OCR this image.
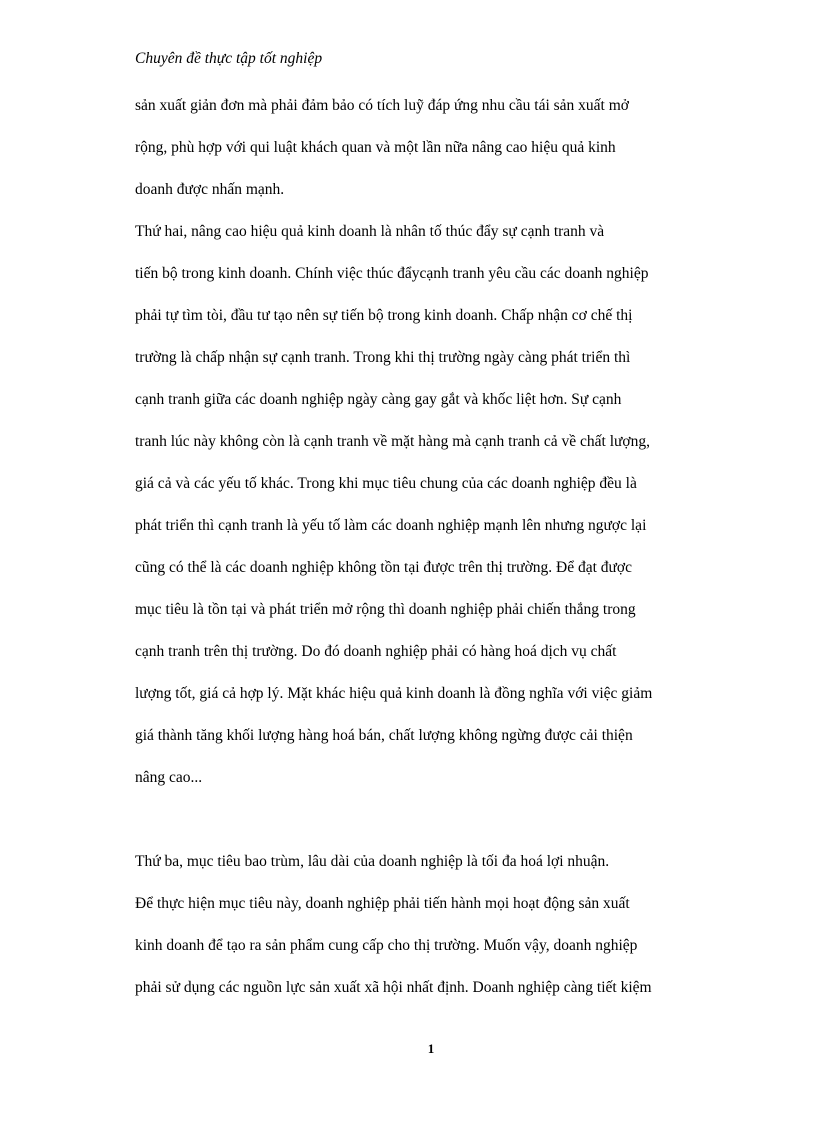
Chuyên đề thực tập tốt nghiệp
sản xuất giản đơn mà phải đảm bảo có tích luỹ đáp ứng nhu cầu tái sản xuất mở
rộng, phù hợp với qui luật khách quan và một lần nữa nâng cao hiệu quả kinh
doanh được nhấn mạnh.
Thứ hai, nâng cao hiệu quả kinh doanh là nhân tố thúc đẩy sự cạnh tranh và
tiến bộ trong kinh doanh. Chính việc thúc đẩycạnh tranh yêu cầu các doanh nghiệp
phải tự tìm tòi, đầu tư tạo nên sự tiến bộ trong kinh doanh. Chấp nhận cơ chế thị
trường là chấp nhận sự cạnh tranh. Trong khi thị trường ngày càng phát triển thì
cạnh tranh giữa các doanh nghiệp ngày càng gay gắt và khốc liệt hơn. Sự cạnh
tranh lúc này không còn là cạnh tranh về mặt hàng mà cạnh tranh cả về chất lượng,
giá cả và các yếu tố khác. Trong khi mục tiêu chung của các doanh nghiệp đều là
phát triển thì cạnh tranh là yếu tố làm các doanh nghiệp mạnh lên nhưng ngược lại
cũng có thể là các doanh nghiệp không tồn tại được trên thị trường. Để đạt được
mục tiêu là tồn tại và phát triển mở rộng thì doanh nghiệp phải chiến thắng trong
cạnh tranh trên thị trường. Do đó doanh nghiệp phải có hàng hoá dịch vụ chất
lượng tốt, giá cả hợp lý. Mặt khác hiệu quả kinh doanh là đồng nghĩa với việc giảm
giá thành tăng khối lượng hàng hoá bán, chất lượng không ngừng được cải thiện
nâng cao...
Thứ ba, mục tiêu bao trùm, lâu dài của doanh nghiệp là tối đa hoá lợi nhuận.
Để thực hiện mục tiêu này, doanh nghiệp phải tiến hành mọi hoạt động sản xuất
kinh doanh để tạo ra sản phẩm cung cấp cho thị trường. Muốn vậy, doanh nghiệp
phải sử dụng các nguồn lực sản xuất xã hội nhất định. Doanh nghiệp càng tiết kiệm
1
